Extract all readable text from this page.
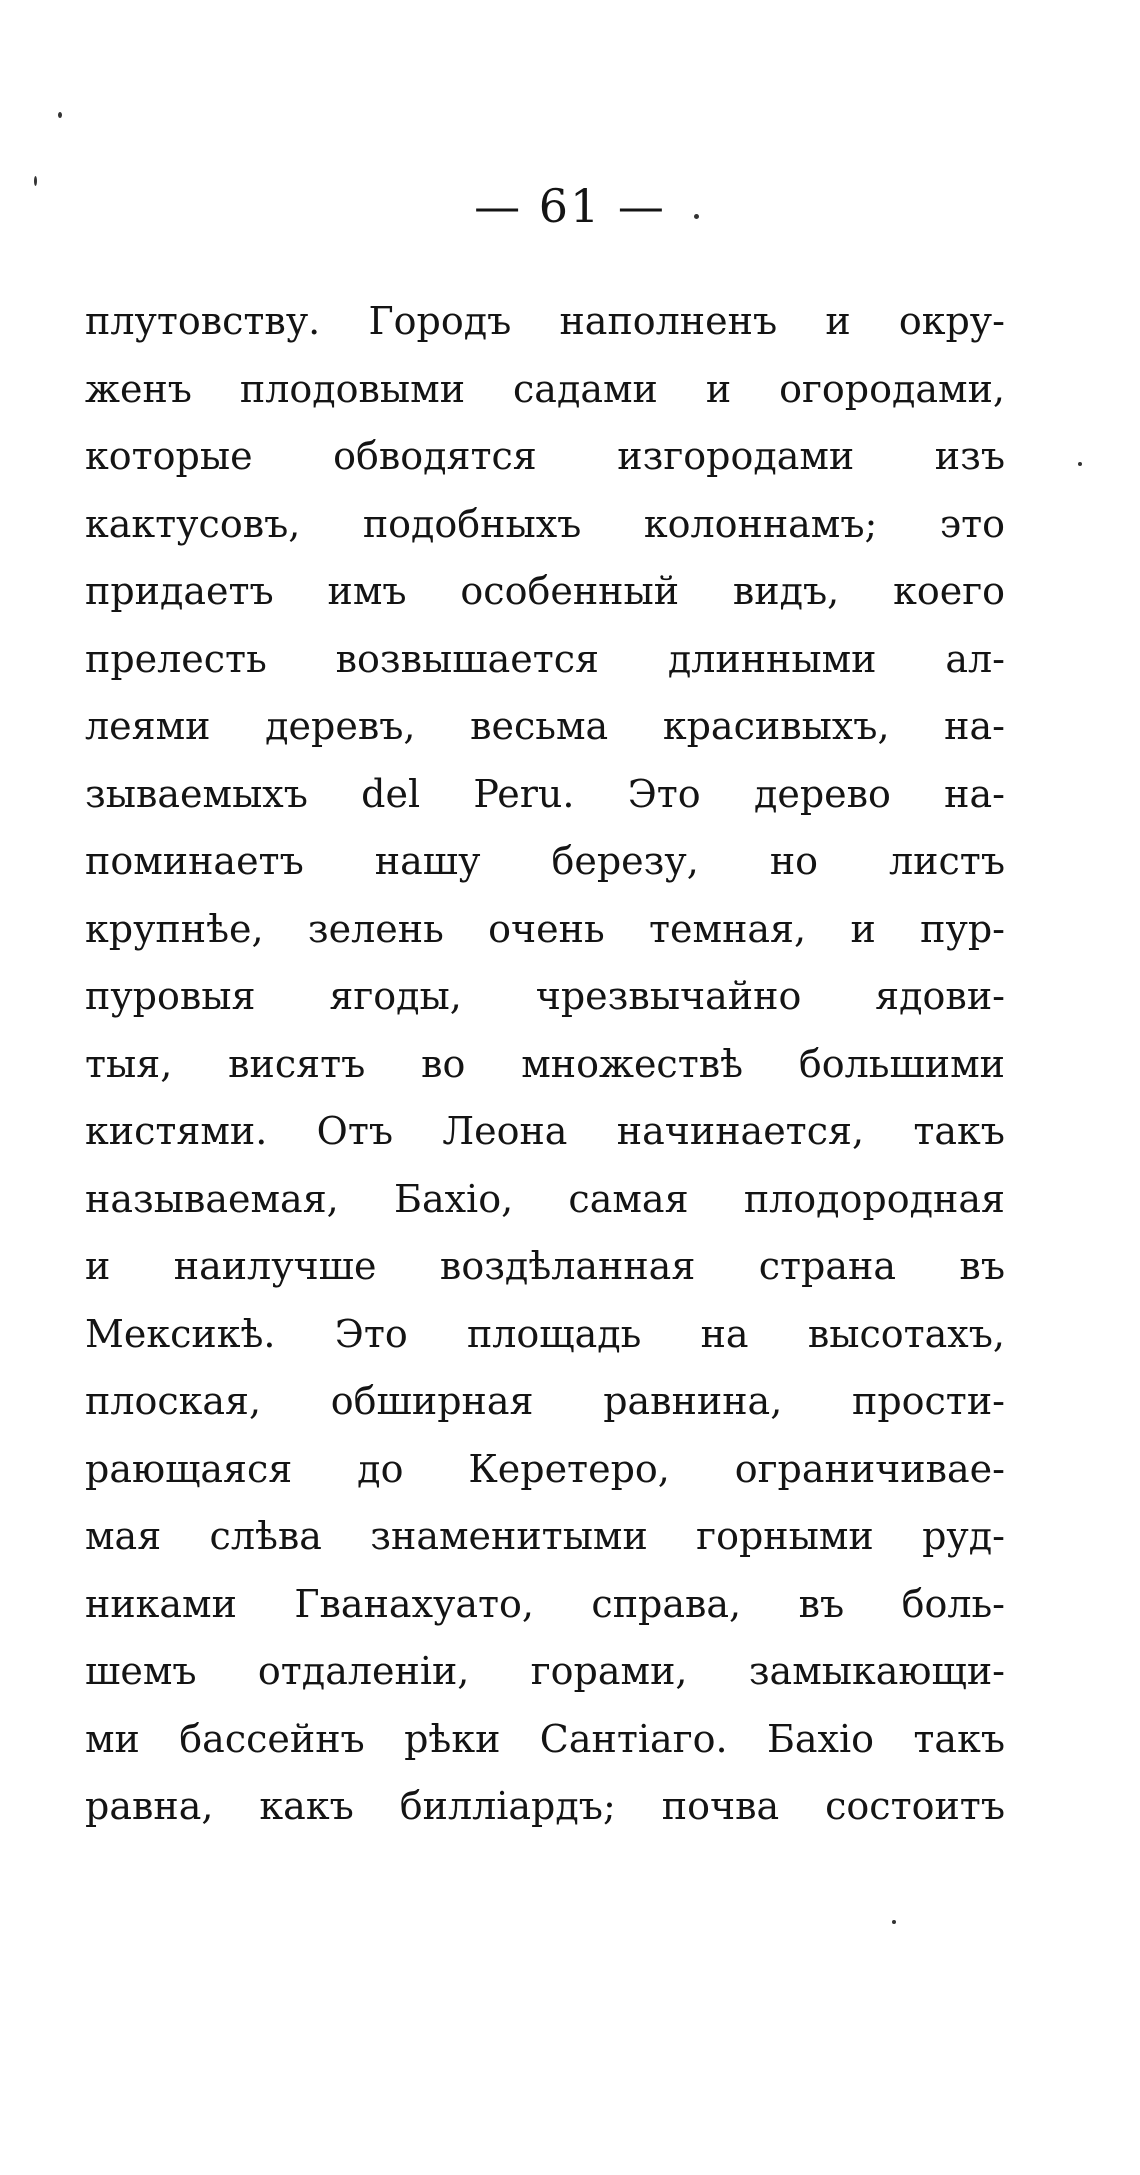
— 61 —
плутовству. Городъ наполненъ и окру-
женъ плодовыми садами и огородами,
которые обводятся изгородами изъ
кактусовъ, подобныхъ колоннамъ; это
придаетъ имъ особенный видъ, коего
прелесть возвышается длинными ал-
леями деревъ, весьма красивыхъ, на-
зываемыхъ del Peru. Это дерево на-
поминаетъ нашу березу, но листъ
крупнѣе, зелень очень темная, и пур-
пуровыя ягоды, чрезвычайно ядови-
тыя, висятъ во множествѣ большими
кистями. Отъ Леона начинается, такъ
называемая, Бахіо, самая плодородная
и наилучше воздѣланная страна въ
Мексикѣ. Это площадь на высотахъ,
плоская, обширная равнина, прости-
рающаяся до Керетеро, ограничивае-
мая слѣва знаменитыми горными руд-
никами Гванахуато, справа, въ боль-
шемъ отдаленіи, горами, замыкающи-
ми бассейнъ рѣки Сантіаго. Бахіо такъ
равна, какъ билліардъ; почва состоитъ
